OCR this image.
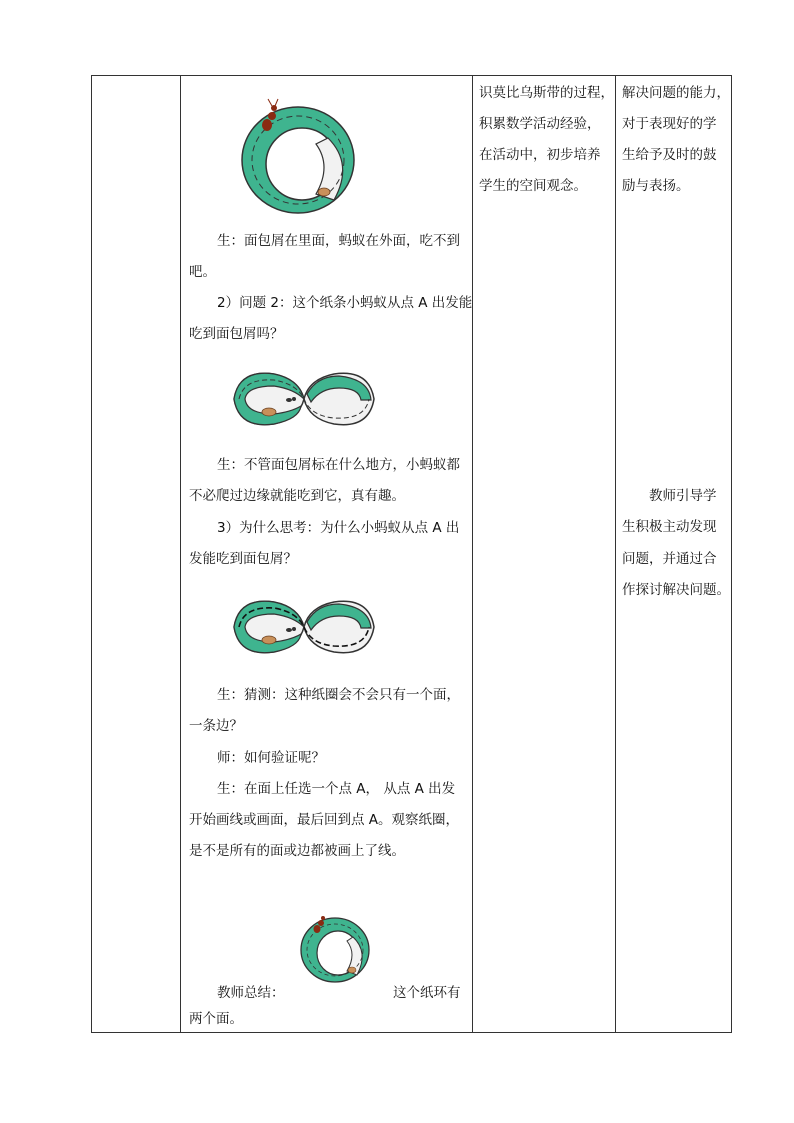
生：面包屑在里面，蚂蚁在外面，吃不到

吧。

2）问题 2：这个纸条小蚂蚁从点 A 出发能

吃到面包屑吗？

生：不管面包屑标在什么地方，小蚂蚁都

不必爬过边缘就能吃到它，真有趣。

3）为什么思考：为什么小蚂蚁从点 A 出

发能吃到面包屑？

生：猜测：这种纸圈会不会只有一个面，

一条边？

师：如何验证呢？

生：在面上任选一个点 A， 从点 A 出发

开始画线或画面，最后回到点 A。观察纸圈，

是不是所有的面或边都被画上了线。

教师总结：	这个纸环有

两个面。

识莫比乌斯带的过程，

积累数学活动经验，

在活动中，初步培养

学生的空间观念。

解决问题的能力，

对于表现好的学

生给予及时的鼓

励与表扬。

教师引导学

生积极主动发现

问题，并通过合

作探讨解决问题。
